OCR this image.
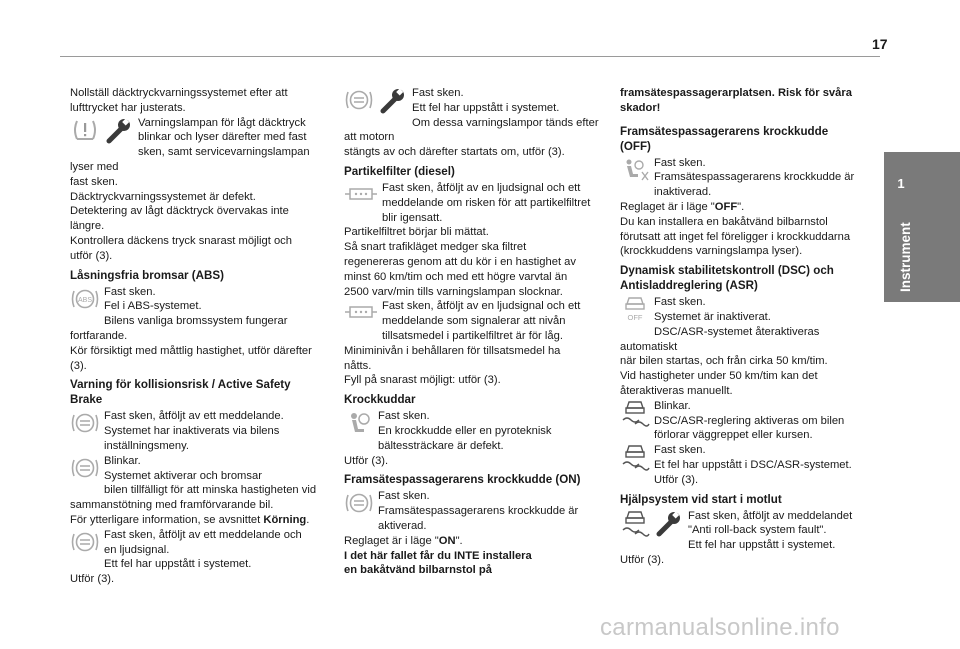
17
1
Instrument

Nollställ däcktryckvarningssystemet efter att

lufttrycket har justerats.

Varningslampan för lågt däcktryck

blinkar och lyser därefter med fast

sken, samt servicevarningslampan lyser med

fast sken.

Däcktryckvarningssystemet är defekt.

Detektering av lågt däcktryck övervakas inte

längre.

Kontrollera däckens tryck snarast möjligt och

utför (3).

Låsningsfria bromsar (ABS)

ABS

Fast sken.

Fel i ABS-systemet.

Bilens vanliga bromssystem fungerar fortfarande.

Kör försiktigt med måttlig hastighet, utför därefter

(3).

Varning för kollisionsrisk / Active Safety

Brake

Fast sken, åtföljt av ett meddelande.

Systemet har inaktiverats via bilens

inställningsmeny.

Blinkar.

Systemet aktiverar och bromsar

bilen tillfälligt för att minska hastigheten vid

sammanstötning med framförvarande bil.

För ytterligare information, se avsnittet Körning.

Fast sken, åtföljt av ett meddelande och

en ljudsignal.

Ett fel har uppstått i systemet.

Utför (3).

Fast sken.

Ett fel har uppstått i systemet.

Om dessa varningslampor tänds efter att motorn

stängts av och därefter startats om, utför (3).

Partikelfilter (diesel)

Fast sken, åtföljt av en ljudsignal och ett

meddelande om risken för att partikelfiltret

blir igensatt.

Partikelfiltret börjar bli mättat.

Så snart trafikläget medger ska filtret

regenereras genom att du kör i en hastighet av

minst 60 km/tim och med ett högre varvtal än

2500 varv/min tills varningslampan slocknar.

Fast sken, åtföljt av en ljudsignal och ett

meddelande som signalerar att nivån

tillsatsmedel i partikelfiltret är för låg.

Miniminivån i behållaren för tillsatsmedel ha

nåtts.

Fyll på snarast möjligt: utför (3).

Krockkuddar

Fast sken.

En krockkudde eller en pyroteknisk

bältessträckare är defekt.

Utför (3).

Framsätespassagerarens krockkudde (ON)

Fast sken.

Framsätespassagerarens krockkudde är

aktiverad.

Reglaget är i läge "ON".

I det här fallet får du INTE installera

en bakåtvänd bilbarnstol på

framsätespassagerarplatsen. Risk för svåra

skador!

Framsätespassagerarens krockkudde

(OFF)

Fast sken.

Framsätespassagerarens krockkudde är

inaktiverad.

Reglaget är i läge "OFF".

Du kan installera en bakåtvänd bilbarnstol

förutsatt att inget fel föreligger i krockkuddarna

(krockkuddens varningslampa lyser).

Dynamisk stabilitetskontroll (DSC) och

Antisladdreglering (ASR)

OFF

Fast sken.

Systemet är inaktiverat.

DSC/ASR-systemet återaktiveras automatiskt

när bilen startas, och från cirka 50 km/tim.

Vid hastigheter under 50 km/tim kan det

återaktiveras manuellt.

Blinkar.

DSC/ASR-reglering aktiveras om bilen

förlorar väggreppet eller kursen.

Fast sken.

Et fel har uppstått i DSC/ASR-systemet.

Utför (3).

Hjälpsystem vid start i motlut

Fast sken, åtföljt av meddelandet

"Anti roll-back system fault".

Ett fel har uppstått i systemet.

Utför (3).

carmanualsonline.info
